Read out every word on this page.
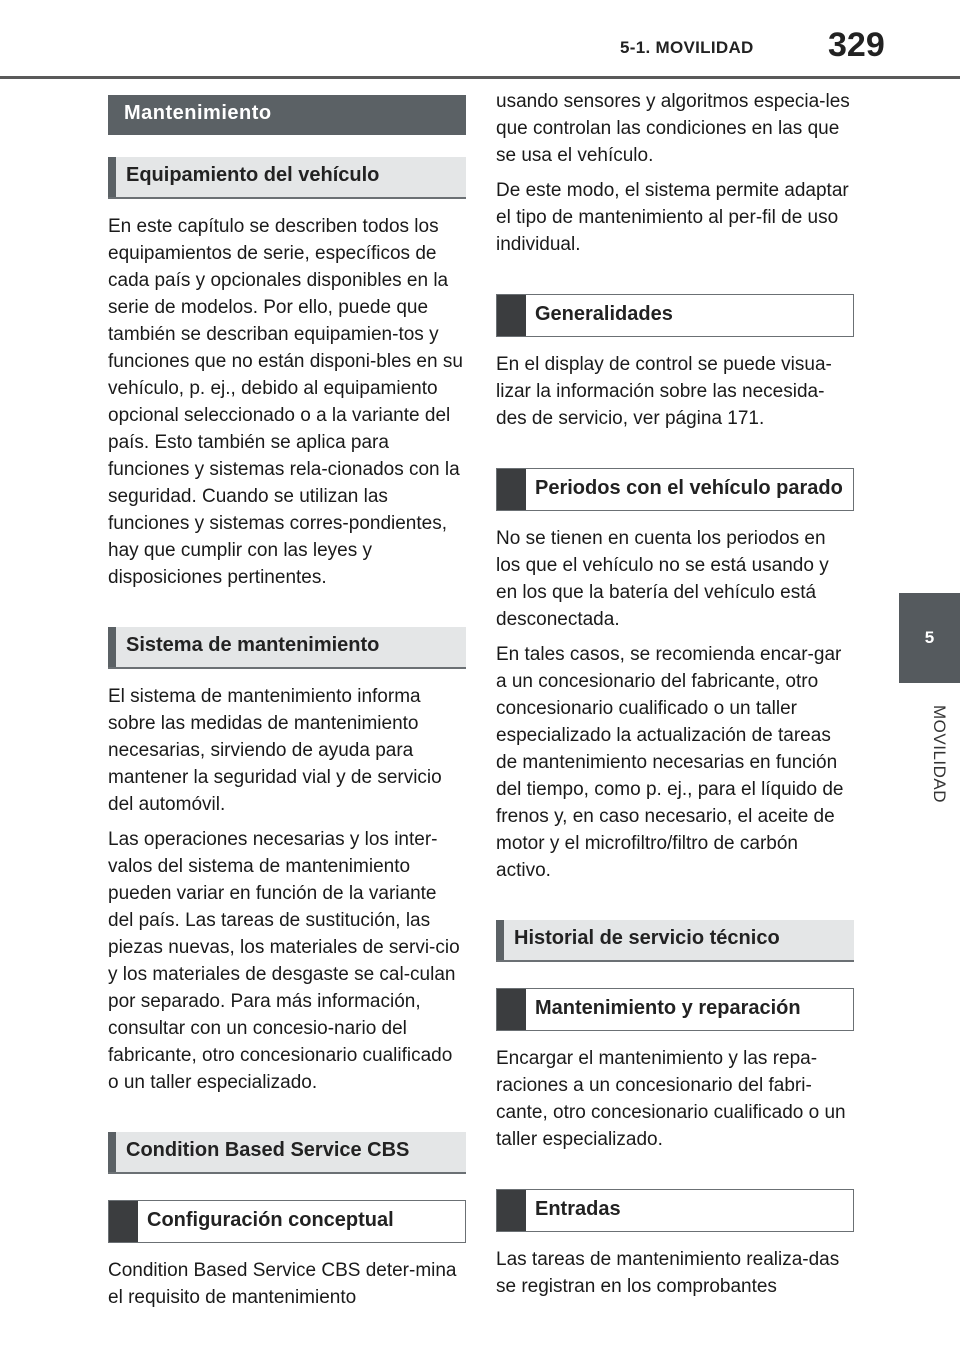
5-1. MOVILIDAD 329
5
MOVILIDAD
Mantenimiento
Equipamiento del vehículo

En este capítulo se describen todos los equipamientos de serie, específicos de cada país y opcionales disponibles en la serie de modelos. Por ello, puede que también se describan equipamien-tos y funciones que no están disponi-bles en su vehículo, p. ej., debido al equipamiento opcional seleccionado o a la variante del país. Esto también se aplica para funciones y sistemas rela-cionados con la seguridad. Cuando se utilizan las funciones y sistemas corres-pondientes, hay que cumplir con las leyes y disposiciones pertinentes.

Sistema de mantenimiento

El sistema de mantenimiento informa sobre las medidas de mantenimiento necesarias, sirviendo de ayuda para mantener la seguridad vial y de servicio del automóvil.

Las operaciones necesarias y los inter-valos del sistema de mantenimiento pueden variar en función de la variante del país. Las tareas de sustitución, las piezas nuevas, los materiales de servi-cio y los materiales de desgaste se cal-culan por separado. Para más información, consultar con un concesio-nario del fabricante, otro concesionario cualificado o un taller especializado.

Condition Based Service CBS
Configuración conceptual

Condition Based Service CBS deter-mina el requisito de mantenimiento

usando sensores y algoritmos especia-les que controlan las condiciones en las que se usa el vehículo.

De este modo, el sistema permite adaptar el tipo de mantenimiento al per-fil de uso individual.

Generalidades

En el display de control se puede visua-lizar la información sobre las necesida-des de servicio, ver página 171.

Periodos con el vehículo parado

No se tienen en cuenta los periodos en los que el vehículo no se está usando y en los que la batería del vehículo está desconectada.

En tales casos, se recomienda encar-gar a un concesionario del fabricante, otro concesionario cualificado o un taller especializado la actualización de tareas de mantenimiento necesarias en función del tiempo, como p. ej., para el líquido de frenos y, en caso necesario, el aceite de motor y el microfiltro/filtro de carbón activo.

Historial de servicio técnico
Mantenimiento y reparación

Encargar el mantenimiento y las repa-raciones a un concesionario del fabri-cante, otro concesionario cualificado o un taller especializado.

Entradas

Las tareas de mantenimiento realiza-das se registran en los comprobantes
